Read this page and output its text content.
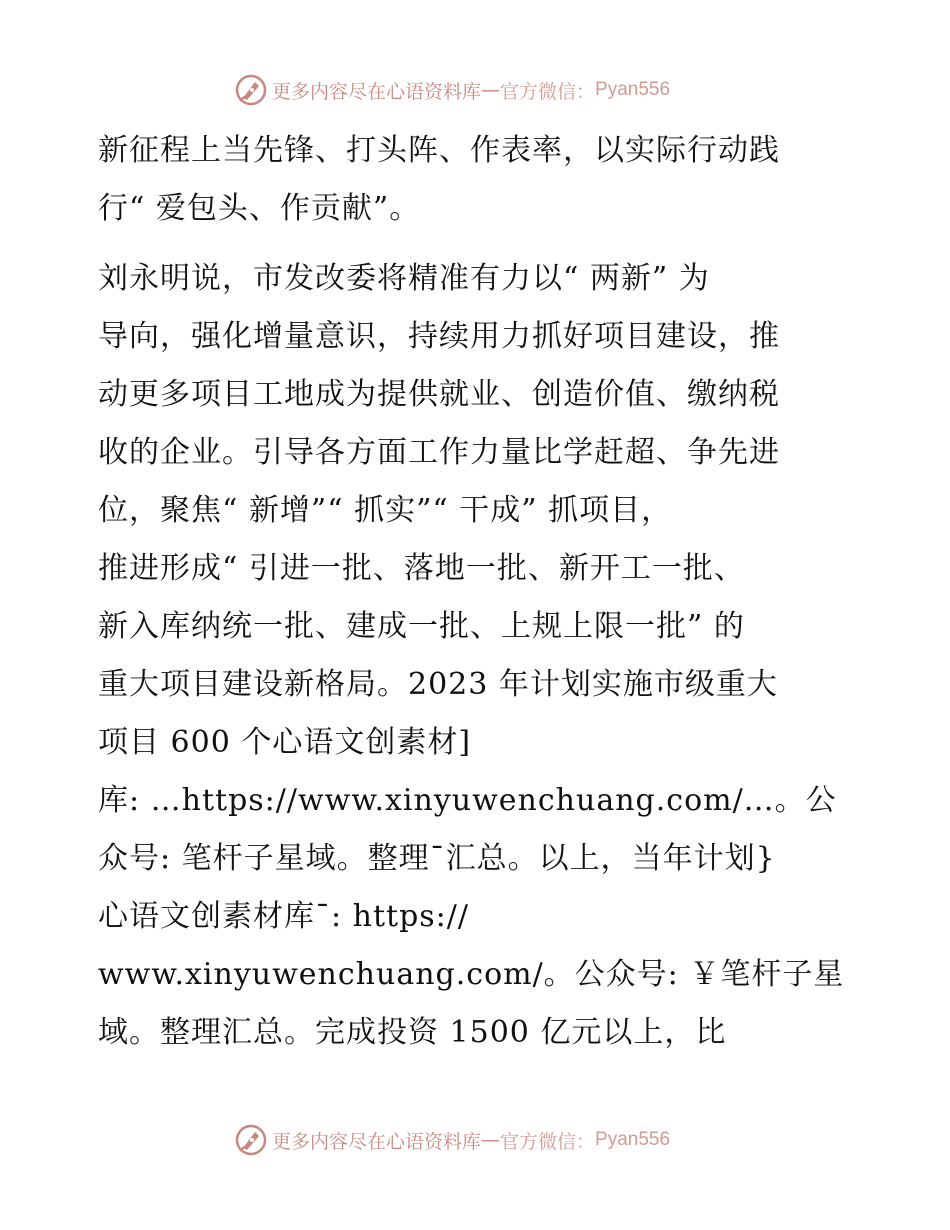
更多内容尽在心语资料库 — 官方微信： Pyan556
新征程上当先锋、打头阵、作表率，以实际行动践
行“ 爱包头、作贡献”。
刘永明说，市发改委将精准有力以“ 两新” 为
导向，强化增量意识，持续用力抓好项目建设，推
动更多项目工地成为提供就业、创造价值、缴纳税
收的企业。引导各方面工作力量比学赶超、争先进
位，聚焦“ 新增”“ 抓实”“ 干成” 抓项目，
推进形成“ 引进一批、落地一批、新开工一批、
新入库纳统一批、建成一批、上规上限一批” 的
重大项目建设新格局。2023 年计划实施市级重大
项目 600 个心语文创素材]
库: …https://www.xinyuwenchuang.com/…。公
众号: 笔杆子星域。整理¯汇总。以上，当年计划}
心语文创素材库¯: https://
www.xinyuwenchuang.com/。公众号: ￥笔杆子星
域。整理汇总。完成投资 1500 亿元以上，比
更多内容尽在心语资料库 — 官方微信： Pyan556
